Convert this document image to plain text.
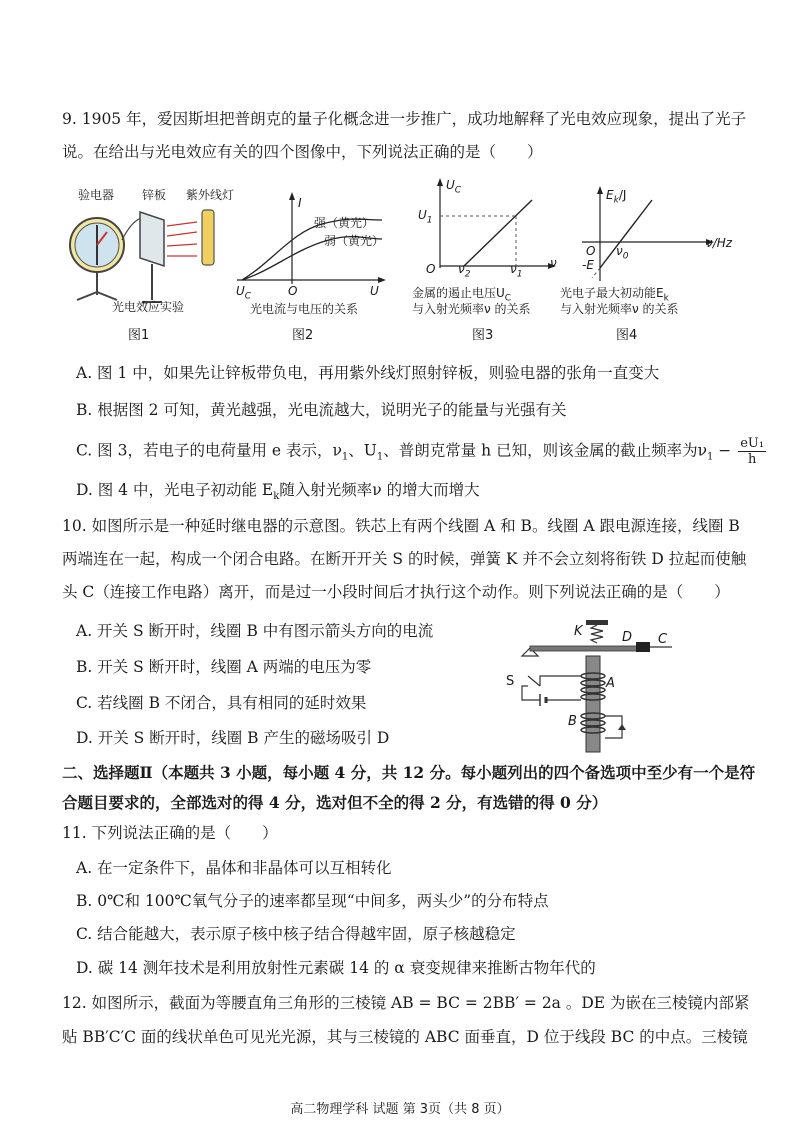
9. 1905 年，爱因斯坦把普朗克的量子化概念进一步推广，成功地解释了光电效应现象，提出了光子
说。在给出与光电效应有关的四个图像中，下列说法正确的是（　　）
验电器 锌板 紫外线灯
光电效应实验
图1
I
强（黄光）
弱（黄光）
$U_C$	O	U
光电流与电压的关系
图2
$U_C$
$U_1$
O $\nu_2$	$\nu_1$
ν
金属的遏止电压$U_C$
与入射光频率ν 的关系
图3
$E_k/J$
O $\nu_0$
ν/Hz
-E
光电子最大初动能$E_k$
与入射光频率ν 的关系
图4
A. 图 1 中，如果先让锌板带负电，再用紫外线灯照射锌板，则验电器的张角一直变大
B. 根据图 2 可知，黄光越强，光电流越大，说明光子的能量与光强有关
C. 图 3，若电子的电荷量用 e 表示，$\nu_1$、$U_1$、普朗克常量 h 已知，则该金属的截止频率为$\nu_1 - \frac{\text{eU₁}}{h}$
D. 图 4 中，光电子初动能 $E_k$随入射光频率ν 的增大而增大
10. 如图所示是一种延时继电器的示意图。铁芯上有两个线圈 A 和 B。线圈 A 跟电源连接，线圈 B
两端连在一起，构成一个闭合电路。在断开开关 S 的时候，弹簧 K 并不会立刻将衔铁 D 拉起而使触
头 C（连接工作电路）离开，而是过一小段时间后才执行这个动作。则下列说法正确的是（　　）
A. 开关 S 断开时，线圈 B 中有图示箭头方向的电流
B. 开关 S 断开时，线圈 A 两端的电压为零
C. 若线圈 B 不闭合，具有相同的延时效果
D. 开关 S 断开时，线圈 B 产生的磁场吸引 D
K	D C
S	A
B
二、选择题Ⅱ（本题共 3 小题，每小题 4 分，共 12 分。每小题列出的四个备选项中至少有一个是符
合题目要求的，全部选对的得 4 分，选对但不全的得 2 分，有选错的得 0 分）
11. 下列说法正确的是（　　）
A. 在一定条件下，晶体和非晶体可以互相转化
B. 0℃和 100℃氧气分子的速率都呈现“中间多，两头少”的分布特点
C. 结合能越大，表示原子核中核子结合得越牢固，原子核越稳定
D. 碳 14 测年技术是利用放射性元素碳 14 的 α 衰变规律来推断古物年代的
12. 如图所示，截面为等腰直角三角形的三棱镜 AB = BC = 2BB′ = 2a 。DE 为嵌在三棱镜内部紧
贴 BB′C′C 面的线状单色可见光光源，其与三棱镜的 ABC 面垂直，D 位于线段 BC 的中点。三棱镜
高二物理学科 试题 第 3页（共 8 页）
